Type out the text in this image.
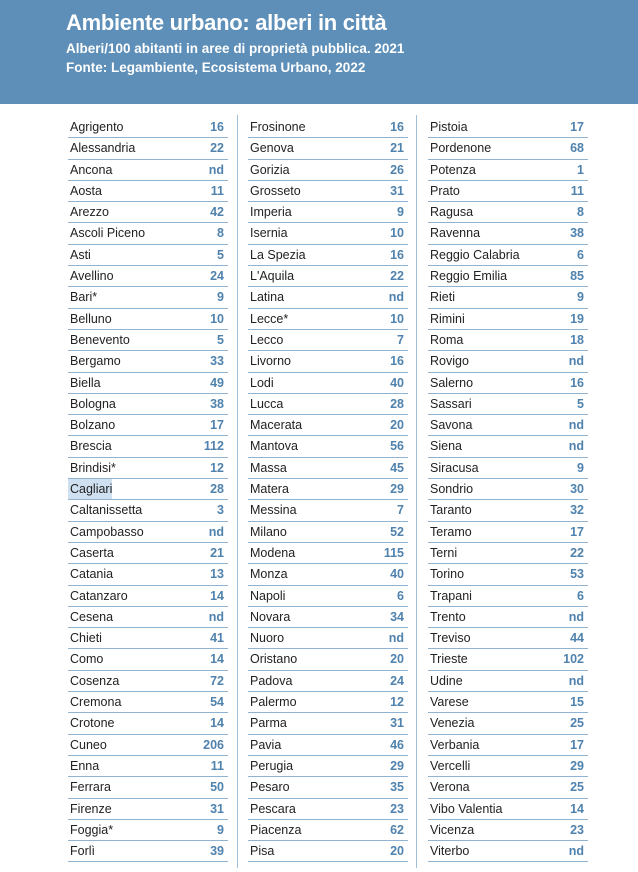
Ambiente urbano: alberi in città
Alberi/100 abitanti in aree di proprietà pubblica. 2021
Fonte: Legambiente, Ecosistema Urbano, 2022
Agrigento	16
Alessandria	22
Ancona	nd
Aosta	11
Arezzo	42
Ascoli Piceno	8
Asti	5
Avellino	24
Bari*	9
Belluno	10
Benevento	5
Bergamo	33
Biella	49
Bologna	38
Bolzano	17
Brescia	112
Brindisi*	12
Cagliari	28
Caltanissetta	3
Campobasso	nd
Caserta	21
Catania	13
Catanzaro	14
Cesena	nd
Chieti	41
Como	14
Cosenza	72
Cremona	54
Crotone	14
Cuneo	206
Enna	11
Ferrara	50
Firenze	31
Foggia*	9
Forlì	39
Frosinone	16
Genova	21
Gorizia	26
Grosseto	31
Imperia	9
Isernia	10
La Spezia	16
L'Aquila	22
Latina	nd
Lecce*	10
Lecco	7
Livorno	16
Lodi	40
Lucca	28
Macerata	20
Mantova	56
Massa	45
Matera	29
Messina	7
Milano	52
Modena	115
Monza	40
Napoli	6
Novara	34
Nuoro	nd
Oristano	20
Padova	24
Palermo	12
Parma	31
Pavia	46
Perugia	29
Pesaro	35
Pescara	23
Piacenza	62
Pisa	20
Pistoia	17
Pordenone	68
Potenza	1
Prato	11
Ragusa	8
Ravenna	38
Reggio Calabria	6
Reggio Emilia	85
Rieti	9
Rimini	19
Roma	18
Rovigo	nd
Salerno	16
Sassari	5
Savona	nd
Siena	nd
Siracusa	9
Sondrio	30
Taranto	32
Teramo	17
Terni	22
Torino	53
Trapani	6
Trento	nd
Treviso	44
Trieste	102
Udine	nd
Varese	15
Venezia	25
Verbania	17
Vercelli	29
Verona	25
Vibo Valentia	14
Vicenza	23
Viterbo	nd
